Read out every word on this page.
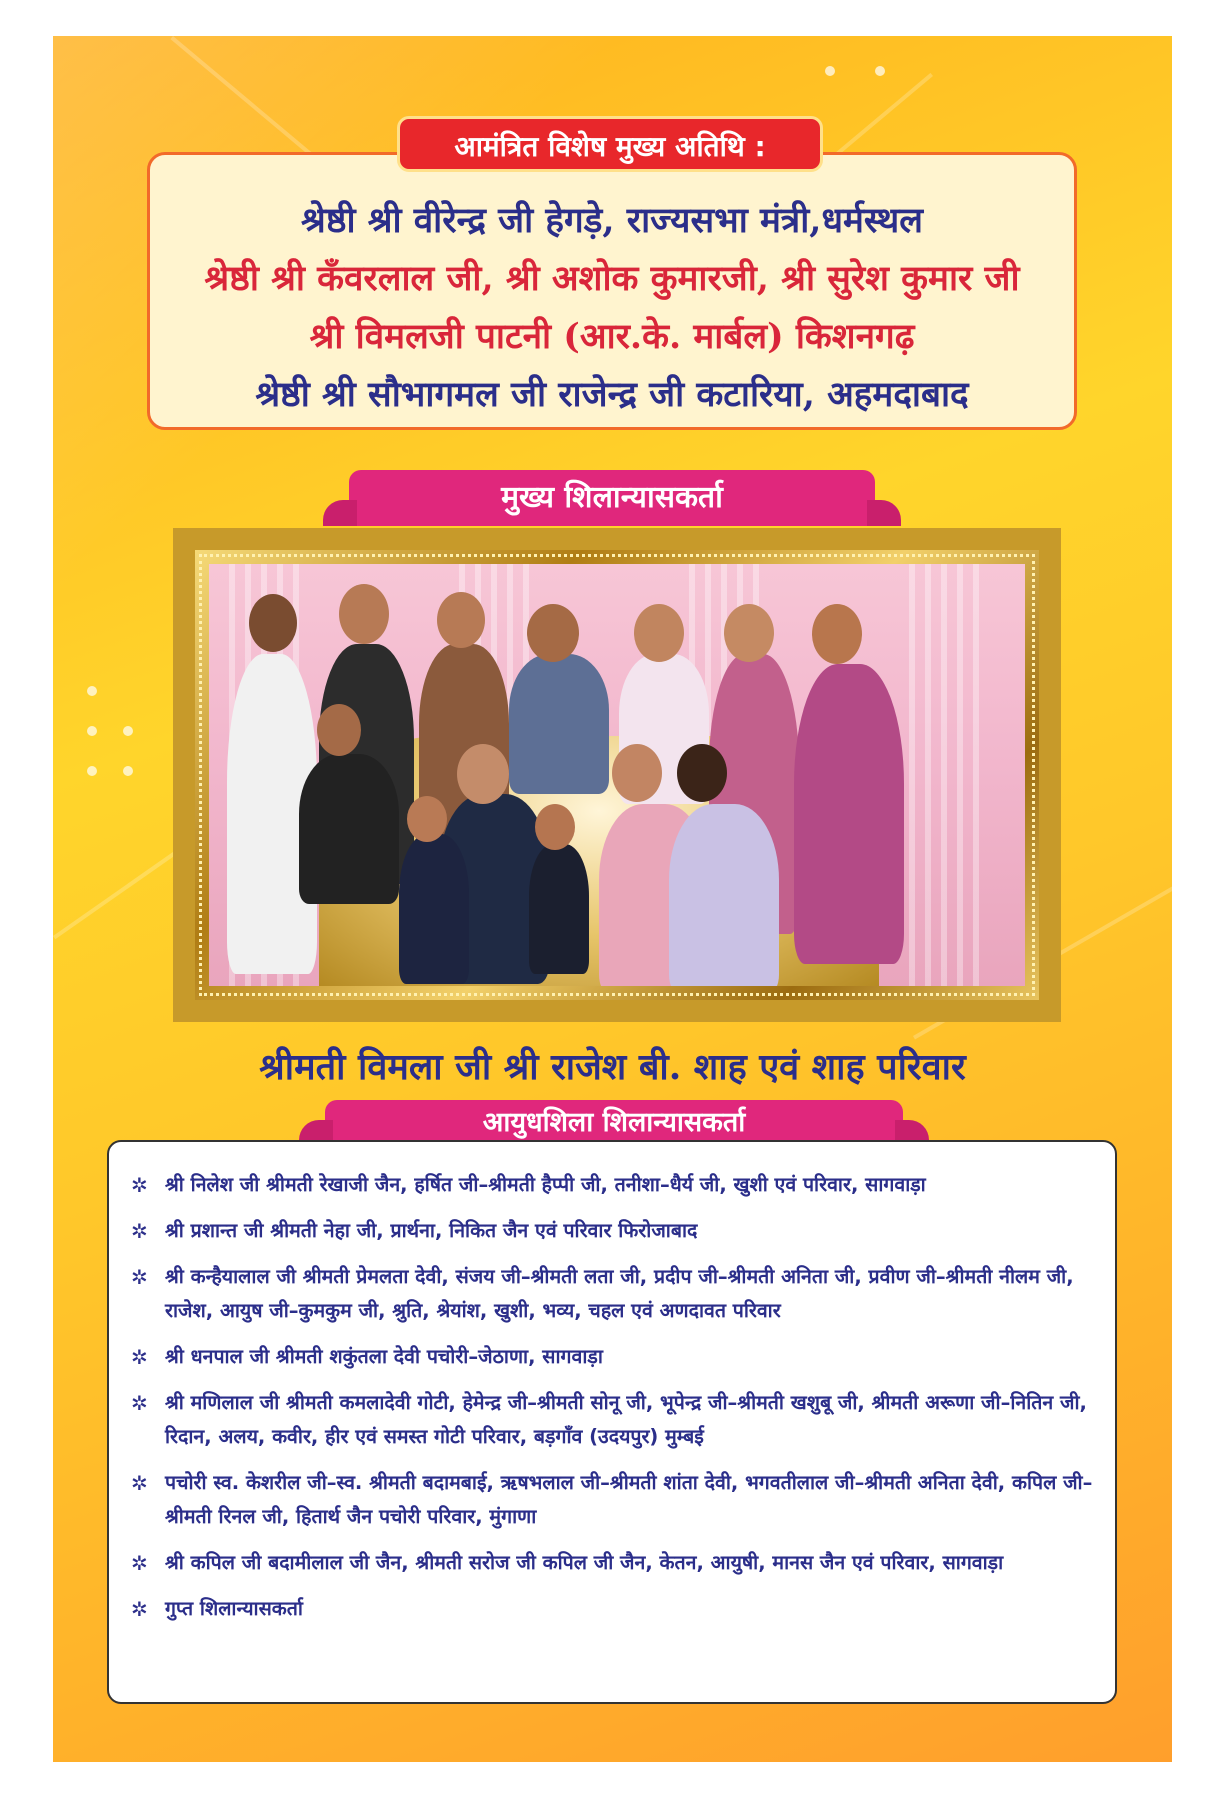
आमंत्रित विशेष मुख्य अतिथि :
श्रेष्ठी श्री वीरेन्द्र जी हेगड़े, राज्यसभा मंत्री,धर्मस्थल
श्रेष्ठी श्री कँवरलाल जी, श्री अशोक कुमारजी, श्री सुरेश कुमार जी
श्री विमलजी पाटनी (आर.के. मार्बल) किशनगढ़
श्रेष्ठी श्री सौभागमल जी राजेन्द्र जी कटारिया, अहमदाबाद
मुख्य शिलान्यासकर्ता
श्रीमती विमला जी श्री राजेश बी. शाह एवं शाह परिवार
आयुधशिला शिलान्यासकर्ता
✲ श्री निलेश जी श्रीमती रेखाजी जैन, हर्षित जी–श्रीमती हैप्पी जी, तनीशा–धैर्य जी, खुशी एवं परिवार, सागवाड़ा
✲ श्री प्रशान्त जी श्रीमती नेहा जी, प्रार्थना, निकित जैन एवं परिवार फिरोजाबाद
✲ श्री कन्हैयालाल जी श्रीमती प्रेमलता देवी, संजय जी–श्रीमती लता जी, प्रदीप जी–श्रीमती अनिता जी, प्रवीण जी–श्रीमती नीलम जी, राजेश, आयुष जी–कुमकुम जी, श्रुति, श्रेयांश, खुशी, भव्य, चहल एवं अणदावत परिवार
✲ श्री धनपाल जी श्रीमती शकुंतला देवी पचोरी–जेठाणा, सागवाड़ा
✲ श्री मणिलाल जी श्रीमती कमलादेवी गोटी, हेमेन्द्र जी–श्रीमती सोनू जी, भूपेन्द्र जी–श्रीमती खशुबू जी, श्रीमती अरूणा जी–नितिन जी, रिदान, अलय, कवीर, हीर एवं समस्त गोटी परिवार, बड़गाँव (उदयपुर) मुम्बई
✲ पचोरी स्व. केशरील जी–स्व. श्रीमती बदामबाई, ऋषभलाल जी–श्रीमती शांता देवी, भगवतीलाल जी–श्रीमती अनिता देवी, कपिल जी–श्रीमती रिनल जी, हितार्थ जैन पचोरी परिवार, मुंगाणा
✲ श्री कपिल जी बदामीलाल जी जैन, श्रीमती सरोज जी कपिल जी जैन, केतन, आयुषी, मानस जैन एवं परिवार, सागवाड़ा
✲ गुप्त शिलान्यासकर्ता
